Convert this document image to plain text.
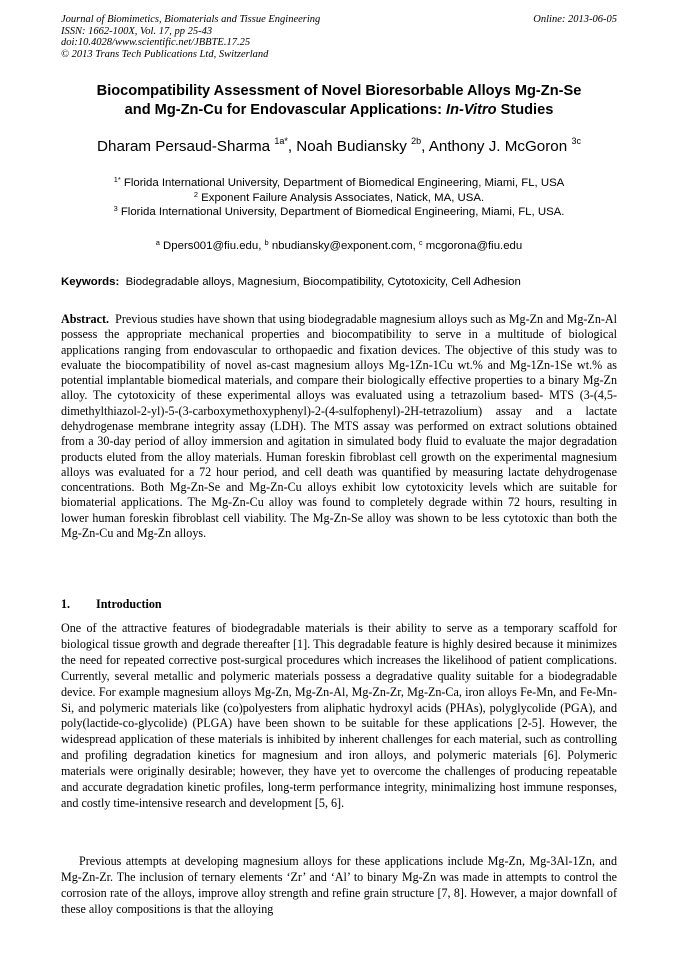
Journal of Biomimetics, Biomaterials and Tissue Engineering
ISSN: 1662-100X, Vol. 17, pp 25-43
doi:10.4028/www.scientific.net/JBBTE.17.25
© 2013 Trans Tech Publications Ltd, Switzerland
Online: 2013-06-05
Biocompatibility Assessment of Novel Bioresorbable Alloys Mg-Zn-Se
and Mg-Zn-Cu for Endovascular Applications: In-Vitro Studies
Dharam Persaud-Sharma $^{1a*}$, Noah Budiansky $^{2b}$, Anthony J. McGoron $^{3c}$
$^{1*}$ Florida International University, Department of Biomedical Engineering, Miami, FL, USA
$^2$ Exponent Failure Analysis Associates, Natick, MA, USA.
$^3$ Florida International University, Department of Biomedical Engineering, Miami, FL, USA.
$^a$ Dpers001@fiu.edu, $^b$ nbudiansky@exponent.com, $^c$ mcgorona@fiu.edu
Keywords: Biodegradable alloys, Magnesium, Biocompatibility, Cytotoxicity, Cell Adhesion
Abstract. Previous studies have shown that using biodegradable magnesium alloys such as Mg-Zn and Mg-Zn-Al possess the appropriate mechanical properties and biocompatibility to serve in a multitude of biological applications ranging from endovascular to orthopaedic and fixation devices. The objective of this study was to evaluate the biocompatibility of novel as-cast magnesium alloys Mg-1Zn-1Cu wt.% and Mg-1Zn-1Se wt.% as potential implantable biomedical materials, and compare their biologically effective properties to a binary Mg-Zn alloy. The cytotoxicity of these experimental alloys was evaluated using a tetrazolium based- MTS (3-(4,5-dimethylthiazol-2-yl)-5-(3-carboxymethoxyphenyl)-2-(4-sulfophenyl)-2H-tetrazolium) assay and a lactate dehydrogenase membrane integrity assay (LDH). The MTS assay was performed on extract solutions obtained from a 30-day period of alloy immersion and agitation in simulated body fluid to evaluate the major degradation products eluted from the alloy materials. Human foreskin fibroblast cell growth on the experimental magnesium alloys was evaluated for a 72 hour period, and cell death was quantified by measuring lactate dehydrogenase concentrations. Both Mg-Zn-Se and Mg-Zn-Cu alloys exhibit low cytotoxicity levels which are suitable for biomaterial applications. The Mg-Zn-Cu alloy was found to completely degrade within 72 hours, resulting in lower human foreskin fibroblast cell viability. The Mg-Zn-Se alloy was shown to be less cytotoxic than both the Mg-Zn-Cu and Mg-Zn alloys.
1. Introduction
One of the attractive features of biodegradable materials is their ability to serve as a temporary scaffold for biological tissue growth and degrade thereafter [1]. This degradable feature is highly desired because it minimizes the need for repeated corrective post-surgical procedures which increases the likelihood of patient complications. Currently, several metallic and polymeric materials possess a degradative quality suitable for a biodegradable device. For example magnesium alloys Mg-Zn, Mg-Zn-Al, Mg-Zn-Zr, Mg-Zn-Ca, iron alloys Fe-Mn, and Fe-Mn-Si, and polymeric materials like (co)polyesters from aliphatic hydroxyl acids (PHAs), polyglycolide (PGA), and poly(lactide-co-glycolide) (PLGA) have been shown to be suitable for these applications [2-5]. However, the widespread application of these materials is inhibited by inherent challenges for each material, such as controlling and profiling degradation kinetics for magnesium and iron alloys, and polymeric materials [6]. Polymeric materials were originally desirable; however, they have yet to overcome the challenges of producing repeatable and accurate degradation kinetic profiles, long-term performance integrity, minimalizing host immune responses, and costly time-intensive research and development [5, 6].
Previous attempts at developing magnesium alloys for these applications include Mg-Zn, Mg-3Al-1Zn, and Mg-Zn-Zr. The inclusion of ternary elements ‘Zr’ and ‘Al’ to binary Mg-Zn was made in attempts to control the corrosion rate of the alloys, improve alloy strength and refine grain structure [7, 8]. However, a major downfall of these alloy compositions is that the alloying
